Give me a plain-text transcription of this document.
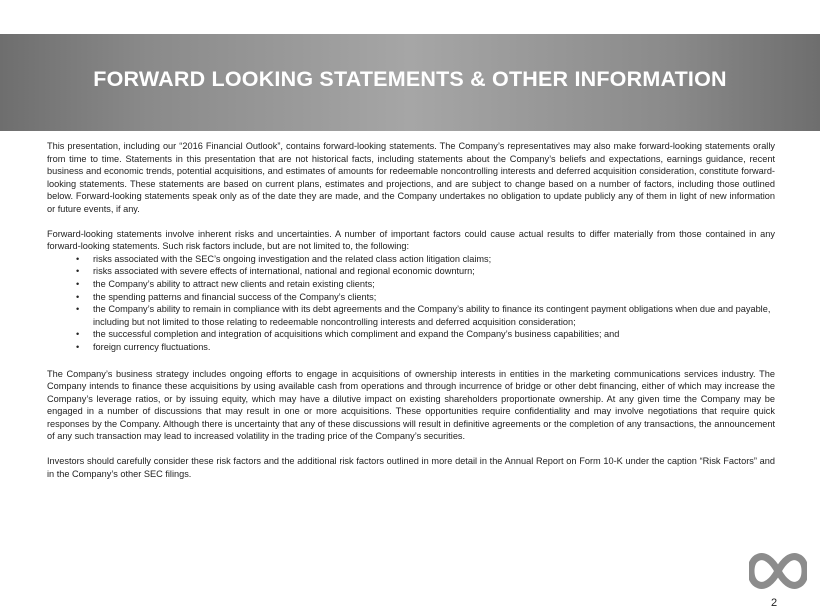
FORWARD LOOKING STATEMENTS & OTHER INFORMATION

This presentation, including our “2016 Financial Outlook”, contains forward-looking statements. The Company’s representatives may also make forward-looking statements orally from time to time. Statements in this presentation that are not historical facts, including statements about the Company’s beliefs and expectations, earnings guidance, recent business and economic trends, potential acquisitions, and estimates of amounts for redeemable noncontrolling interests and deferred acquisition consideration, constitute forward-looking statements. These statements are based on current plans, estimates and projections, and are subject to change based on a number of factors, including those outlined below. Forward-looking statements speak only as of the date they are made, and the Company undertakes no obligation to update publicly any of them in light of new information or future events, if any.

Forward-looking statements involve inherent risks and uncertainties. A number of important factors could cause actual results to differ materially from those contained in any forward-looking statements. Such risk factors include, but are not limited to, the following:

• risks associated with the SEC’s ongoing investigation and the related class action litigation claims;
• risks associated with severe effects of international, national and regional economic downturn;
• the Company’s ability to attract new clients and retain existing clients;
• the spending patterns and financial success of the Company’s clients;
• the Company’s ability to remain in compliance with its debt agreements and the Company’s ability to finance its contingent payment obligations when due and payable, including but not limited to those relating to redeemable noncontrolling interests and deferred acquisition consideration;
• the successful completion and integration of acquisitions which compliment and expand the Company’s business capabilities; and
• foreign currency fluctuations.

The Company’s business strategy includes ongoing efforts to engage in acquisitions of ownership interests in entities in the marketing communications services industry. The Company intends to finance these acquisitions by using available cash from operations and through incurrence of bridge or other debt financing, either of which may increase the Company’s leverage ratios, or by issuing equity, which may have a dilutive impact on existing shareholders proportionate ownership. At any given time the Company may be engaged in a number of discussions that may result in one or more acquisitions. These opportunities require confidentiality and may involve negotiations that require quick responses by the Company. Although there is uncertainty that any of these discussions will result in definitive agreements or the completion of any transactions, the announcement of any such transaction may lead to increased volatility in the trading price of the Company’s securities.

Investors should carefully consider these risk factors and the additional risk factors outlined in more detail in the Annual Report on Form 10-K under the caption “Risk Factors” and in the Company’s other SEC filings.

2
